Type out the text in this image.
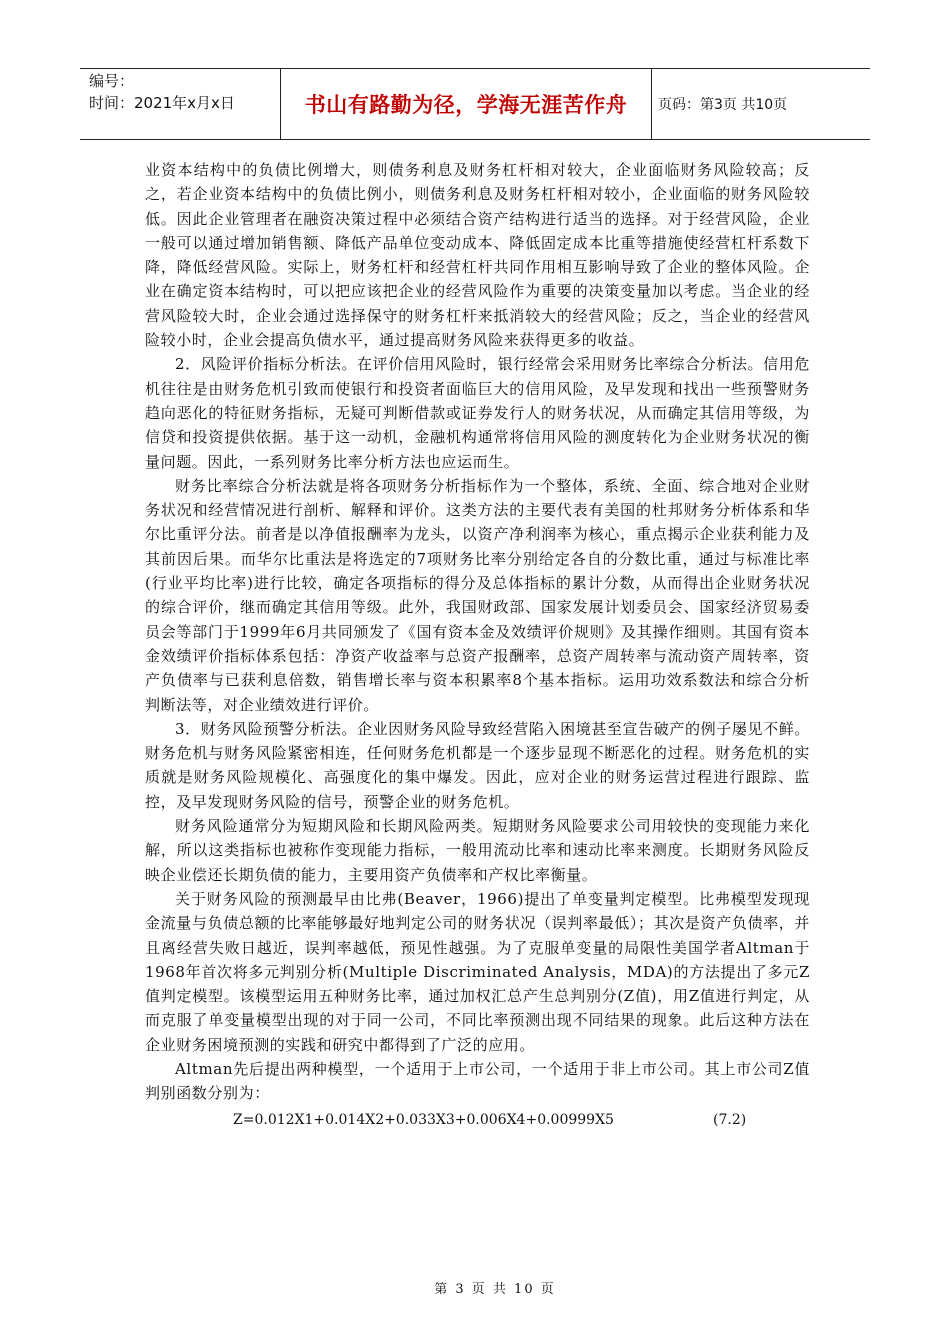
编号：
时间：2021年x月x日	书山有路勤为径，学海无涯苦作舟 页码：第3页 共10页

业资本结构中的负债比例增大，则债务利息及财务杠杆相对较大，企业面临财务风险较高；反之，若企业资本结构中的负债比例小，则债务利息及财务杠杆相对较小，企业面临的财务风险较低。因此企业管理者在融资决策过程中必须结合资产结构进行适当的选择。对于经营风险，企业一般可以通过增加销售额、降低产品单位变动成本、降低固定成本比重等措施使经营杠杆系数下降，降低经营风险。实际上，财务杠杆和经营杠杆共同作用相互影响导致了企业的整体风险。企业在确定资本结构时，可以把应该把企业的经营风险作为重要的决策变量加以考虑。当企业的经营风险较大时，企业会通过选择保守的财务杠杆来抵消较大的经营风险；反之，当企业的经营风险较小时，企业会提高负债水平，通过提高财务风险来获得更多的收益。

2．风险评价指标分析法。在评价信用风险时，银行经常会采用财务比率综合分析法。信用危机往往是由财务危机引致而使银行和投资者面临巨大的信用风险，及早发现和找出一些预警财务趋向恶化的特征财务指标，无疑可判断借款或证券发行人的财务状况，从而确定其信用等级，为信贷和投资提供依据。基于这一动机，金融机构通常将信用风险的测度转化为企业财务状况的衡量问题。因此，一系列财务比率分析方法也应运而生。

财务比率综合分析法就是将各项财务分析指标作为一个整体，系统、全面、综合地对企业财务状况和经营情况进行剖析、解释和评价。这类方法的主要代表有美国的杜邦财务分析体系和华尔比重评分法。前者是以净值报酬率为龙头，以资产净利润率为核心，重点揭示企业获利能力及其前因后果。而华尔比重法是将选定的7项财务比率分别给定各自的分数比重，通过与标准比率(行业平均比率)进行比较，确定各项指标的得分及总体指标的累计分数，从而得出企业财务状况的综合评价，继而确定其信用等级。此外，我国财政部、国家发展计划委员会、国家经济贸易委员会等部门于1999年6月共同颁发了《国有资本金及效绩评价规则》及其操作细则。其国有资本金效绩评价指标体系包括：净资产收益率与总资产报酬率，总资产周转率与流动资产周转率，资产负债率与已获利息倍数，销售增长率与资本积累率8个基本指标。运用功效系数法和综合分析判断法等，对企业绩效进行评价。

3．财务风险预警分析法。企业因财务风险导致经营陷入困境甚至宣告破产的例子屡见不鲜。财务危机与财务风险紧密相连，任何财务危机都是一个逐步显现不断恶化的过程。财务危机的实质就是财务风险规模化、高强度化的集中爆发。因此，应对企业的财务运营过程进行跟踪、监控，及早发现财务风险的信号，预警企业的财务危机。

财务风险通常分为短期风险和长期风险两类。短期财务风险要求公司用较快的变现能力来化解，所以这类指标也被称作变现能力指标，一般用流动比率和速动比率来测度。长期财务风险反映企业偿还长期负债的能力，主要用资产负债率和产权比率衡量。

关于财务风险的预测最早由比弗(Beaver，1966)提出了单变量判定模型。比弗模型发现现金流量与负债总额的比率能够最好地判定公司的财务状况（误判率最低）；其次是资产负债率，并且离经营失败日越近，误判率越低，预见性越强。为了克服单变量的局限性美国学者Altman于1968年首次将多元判别分析(Multiple Discriminated Analysis，MDA)的方法提出了多元Z值判定模型。该模型运用五种财务比率，通过加权汇总产生总判别分(Z值)，用Z值进行判定，从而克服了单变量模型出现的对于同一公司，不同比率预测出现不同结果的现象。此后这种方法在企业财务困境预测的实践和研究中都得到了广泛的应用。

Altman先后提出两种模型，一个适用于上市公司，一个适用于非上市公司。其上市公司Z值判别函数分别为：

Z=0.012X1+0.014X2+0.033X3+0.006X4+0.00999X5	(7.2)
第 3 页 共 10 页
